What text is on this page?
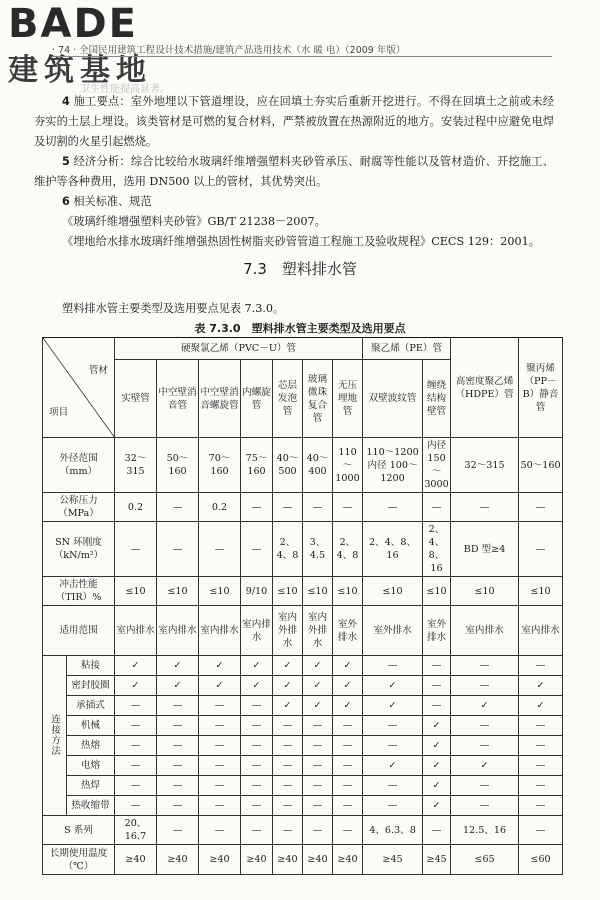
BADE
建筑基地
· 74 · 全国民用建筑工程设计技术措施/建筑产品选用技术（水 暖 电）（2009 年版）
卫生性能提高显著。

4 施工要点：室外地埋以下管道埋设，应在回填土夯实后重新开挖进行。不得在回填土之前或未经夯实的土层上埋设。该类管材是可燃的复合材料，严禁被放置在热源附近的地方。安装过程中应避免电焊及切割的火星引起燃烧。

5 经济分析：综合比较给水玻璃纤维增强塑料夹砂管承压、耐腐等性能以及管材造价、开挖施工、维护等各种费用，选用 DN500 以上的管材，其优势突出。

6 相关标准、规范

《玻璃纤维增强塑料夹砂管》GB/T 21238－2007。

《埋地给水排水玻璃纤维增强热固性树脂夹砂管管道工程施工及验收规程》CECS 129：2001。

7.3　塑料排水管
塑料排水管主要类型及选用要点见表 7.3.0。
表 7.3.0　塑料排水管主要类型及选用要点
管材
项目		硬聚氯乙烯（PVC－U）管							聚乙烯（PE）管		高密度聚乙烯（HDPE）管	聚丙烯（PP－B）静音管
		实壁管	中空壁消音管	中空壁消音螺旋管	内螺旋管	芯层发泡管	玻璃微珠复合管	无压埋地管	双壁波纹管	缠绕结构壁管		
外径范围（mm）		32～315	50～160	70～160	75～160	40～500	40～400	110～1000	110～1200 内径 100～1200	内径 150～3000	32～315	50～160
公称压力（MPa）		0.2	—	0.2	—	—	—	—	—	—	—	—
SN 环刚度（kN/m²）		—	—	—	—	2、4、8	3、4.5	2、4、8	2、4、8、16	2、4、8、16	BD 型≥4	—
冲击性能（TIR）%		≤10	≤10	≤10	9/10	≤10	≤10	≤10	≤10	≤10	≤10	≤10
适用范围		室内排水	室内排水	室内排水	室内排水	室内外排水	室内外排水	室外排水	室外排水	室外排水	室内排水	室内排水
连接方法	粘接	✓	✓	✓	✓	✓	✓	✓	—	—	—	—
	密封胶圈	✓	✓	✓	✓	✓	✓	✓	✓	—	—	✓
	承插式	—	—	—	—	✓	✓	✓	✓	—	✓	✓
	机械	—	—	—	—	—	—	—	—	✓	—	—
	热熔	—	—	—	—	—	—	—	—	✓	—	—
	电熔	—	—	—	—	—	—	—	✓	✓	✓	—
	热焊	—	—	—	—	—	—	—	—	✓	—	—
	热收缩带	—	—	—	—	—	—	—	—	✓	—	—
S 系列		20、16.7	—	—	—	—	—	—	4、6.3、8	—	12.5、16	—
长期使用温度（℃）		≥40	≥40	≥40	≥40	≥40	≥40	≥40	≥45	≥45	≤65	≤60
